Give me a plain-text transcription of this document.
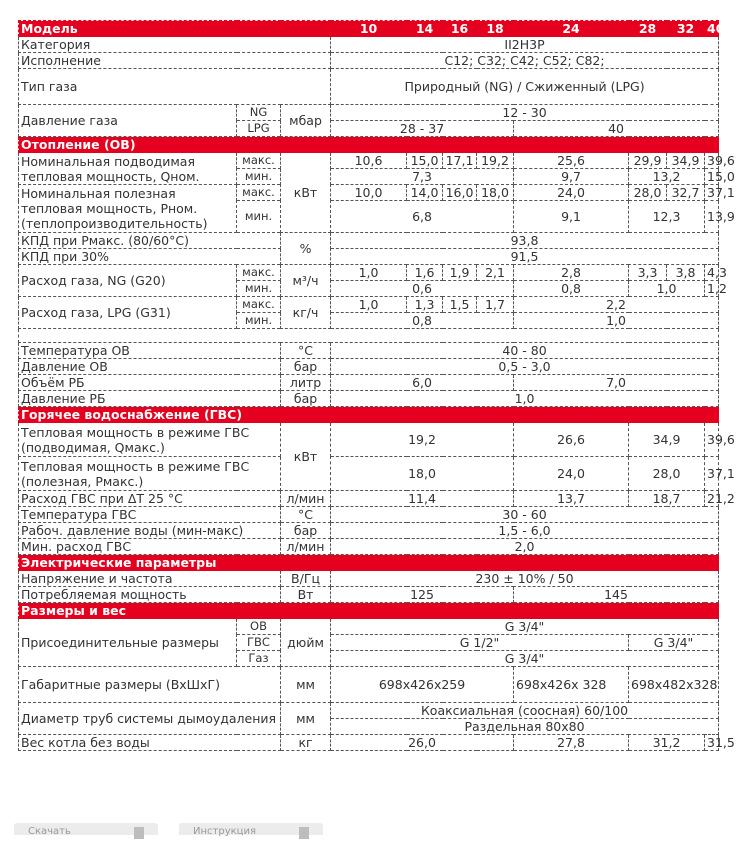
Модель			10	14	16	18	24	28	32	40
Категория			II2H3P							
Исполнение			C12; C32; C42; C52; C82;							
Тип газа			Природный (NG) / Сжиженный (LPG)							
Давление газа	NG	мбар	12 - 30							
	LPG		28 - 37				40			
Отопление (ОВ)										
Номинальная подводимая тепловая мощность, Qном.	макс.	кВт	10,6	15,0	17,1	19,2	25,6	29,9	34,9	39,6
	мин.		7,3				9,7	13,2		15,0
Номинальная полезная тепловая мощность, Pном. (теплопроизводительность)	макс.		10,0	14,0	16,0	18,0	24,0	28,0	32,7	37,1
	мин.		6,8				9,1	12,3		13,9
КПД при Pмакс. (80/60°C)		%	93,8							
КПД при 30%			91,5							
Расход газа, NG (G20)	макс.	м³/ч	1,0	1,6	1,9	2,1	2,8	3,3	3,8	4,3
	мин.		0,6				0,8	1,0		1,2
Расход газа, LPG (G31)	макс.	кг/ч	1,0	1,3	1,5	1,7	2,2			
	мин.		0,8				1,0			

Температура ОВ		°C	40 - 80							
Давление ОВ		бар	0,5 - 3,0							
Объём РБ		литр	6,0				7,0			
Давление РБ		бар	1,0							
Горячее водоснабжение (ГВС)										
Тепловая мощность в режиме ГВС (подводимая, Qмакс.)		кВт	19,2				26,6	34,9		39,6
Тепловая мощность в режиме ГВС (полезная, Рмакс.)			18,0				24,0	28,0		37,1
Расход ГВС при ΔT 25 °C		л/мин	11,4				13,7	18,7		21,2
Температура ГВС		°C	30 - 60							
Рабоч. давление воды (мин-макс)		бар	1,5 - 6,0							
Мин. расход ГВС		л/мин	2,0							
Электрические параметры										
Напряжение и частота		В/Гц	230 ± 10% / 50							
Потребляемая мощность		Вт	125				145			
Размеры и вес										
Присоединительные размеры	ОВ	дюйм	G 3/4"							
	ГВС		G 1/2"					G 3/4"		
	Газ		G 3/4"							
Габаритные размеры (ВхШхГ)		мм	698x426x259				698x426x 328	698x482x328		
Диаметр труб системы дымоудаления		мм	Коаксиальная (соосная) 60/100							
			Раздельная 80x80							
Вес котла без воды		кг	26,0				27,8	31,2		31,5
Скачать	Инструкция
